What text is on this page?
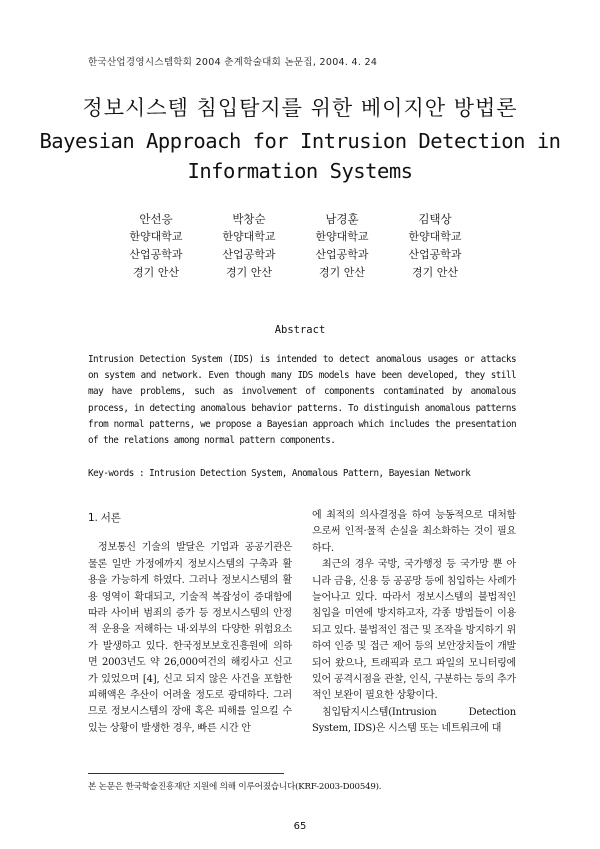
한국산업경영시스템학회 2004 춘계학술대회 논문집, 2004. 4. 24
정보시스템 침입탐지를 위한 베이지안 방법론
Bayesian Approach for Intrusion Detection in
Information Systems
안선응
한양대학교
산업공학과
경기 안산
박창순
한양대학교
산업공학과
경기 안산
남경훈
한양대학교
산업공학과
경기 안산
김택상
한양대학교
산업공학과
경기 안산
Abstract
Intrusion Detection System (IDS) is intended to detect anomalous usages or attacks on system and network. Even though many IDS models have been developed, they still may have problems, such as involvement of components contaminated by anomalous process, in detecting anomalous behavior patterns. To distinguish anomalous patterns from normal patterns, we propose a Bayesian approach which includes the presentation of the relations among normal pattern components.
Key-words : Intrusion Detection System, Anomalous Pattern, Bayesian Network
1. 서론

정보통신 기술의 발달은 기업과 공공기관은 물론 일반 가정에까지 정보시스템의 구축과 활용을 가능하게 하였다. 그러나 정보시스템의 활용 영역이 확대되고, 기술적 복잡성이 증대함에 따라 사이버 범죄의 증가 등 정보시스템의 안정적 운용을 저해하는 내·외부의 다양한 위험요소가 발생하고 있다. 한국정보보호진흥원에 의하면 2003년도 약 26,000여건의 해킹사고 신고가 있었으며 [4], 신고 되지 않은 사건을 포함한 피해액은 추산이 어려울 정도로 광대하다. 그러므로 정보시스템의 장애 혹은 피해를 일으킬 수 있는 상황이 발생한 경우, 빠른 시간 안

에 최적의 의사결정을 하여 능동적으로 대처함으로써 인적·물적 손실을 최소화하는 것이 필요하다.

최근의 경우 국방, 국가행정 등 국가망 뿐 아니라 금융, 신용 등 공공망 등에 침입하는 사례가 늘어나고 있다. 따라서 정보시스템의 불법적인 침입을 미연에 방지하고자, 각종 방법들이 이용되고 있다. 불법적인 접근 및 조작을 방지하기 위하여 인증 및 접근 제어 등의 보안장치들이 개발되어 왔으나, 트래픽과 로그 파일의 모니터링에 있어 공격시점을 관찰, 인식, 구분하는 등의 추가적인 보완이 필요한 상황이다.

침입탐지시스템(Intrusion Detection System, IDS)은 시스템 또는 네트워크에 대

본 논문은 한국학술진흥재단 지원에 의해 이루어졌습니다(KRF-2003-D00549).
65
